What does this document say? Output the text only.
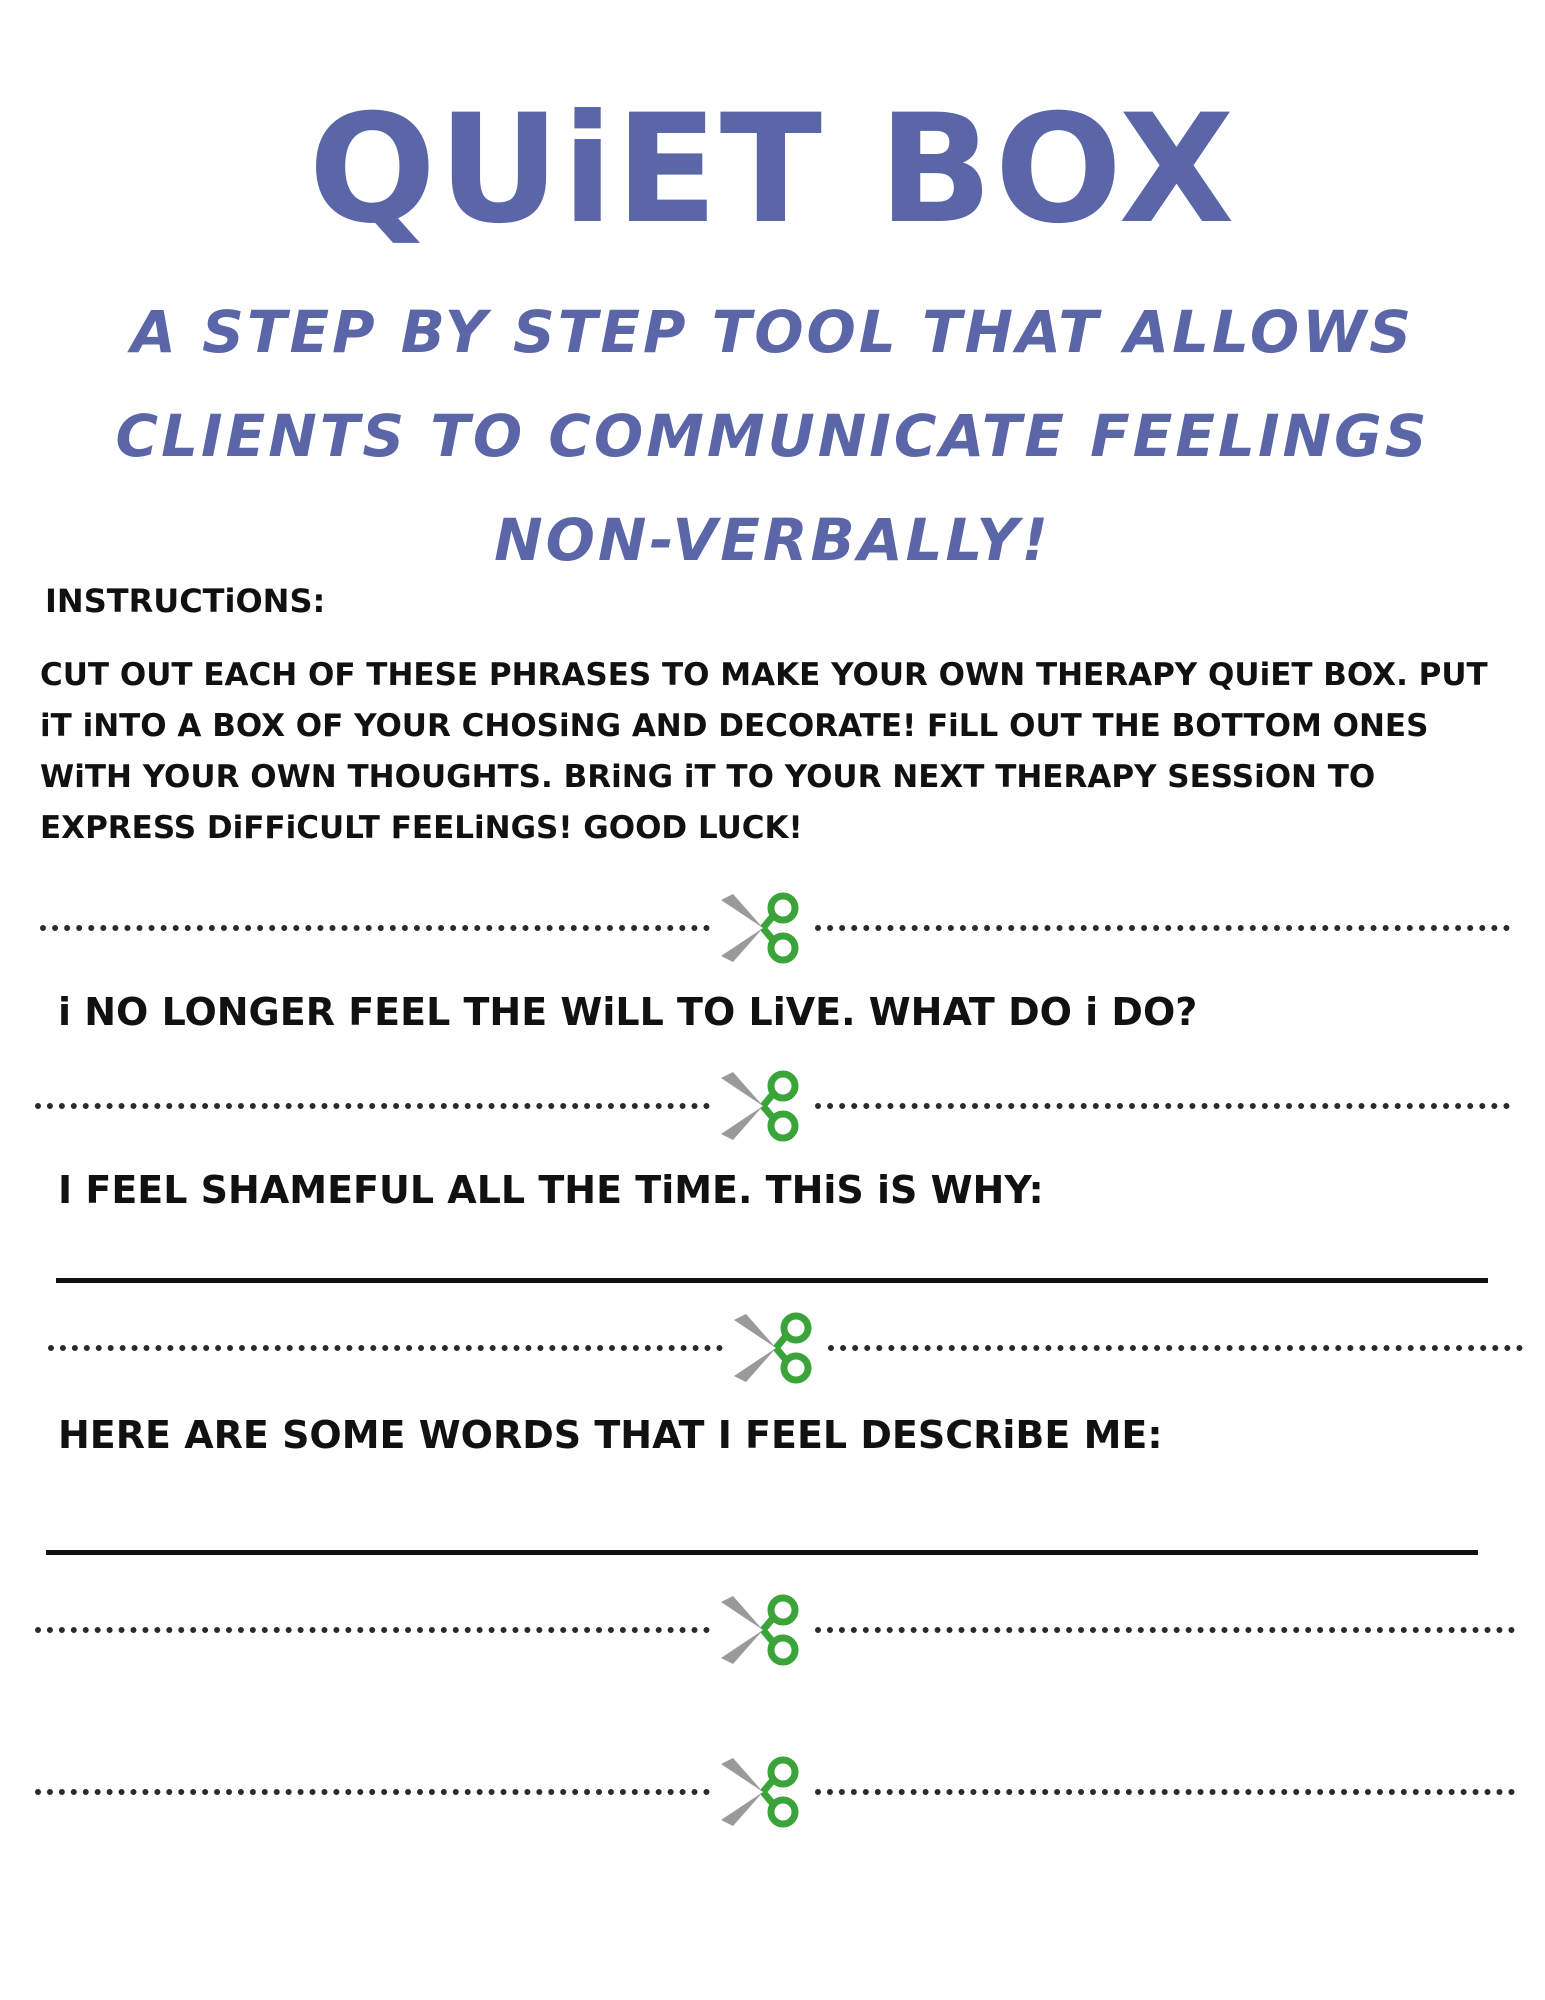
QUiET BOX
A STEP BY STEP TOOL THAT ALLOWS CLIENTS TO COMMUNICATE FEELINGS NON-VERBALLY!
INSTRUCTiONS:
CUT OUT EACH OF THESE PHRASES TO MAKE YOUR OWN THERAPY QUiET BOX. PUT iT iNTO A BOX OF YOUR CHOSiNG AND DECORATE! FiLL OUT THE BOTTOM ONES WiTH YOUR OWN THOUGHTS. BRiNG iT TO YOUR NEXT THERAPY SESSiON TO EXPRESS DiFFiCULT FEELiNGS! GOOD LUCK!
i NO LONGER FEEL THE WiLL TO LiVE. WHAT DO i DO?
I FEEL SHAMEFUL ALL THE TiME. THiS iS WHY:
HERE ARE SOME WORDS THAT I FEEL DESCRiBE ME:
